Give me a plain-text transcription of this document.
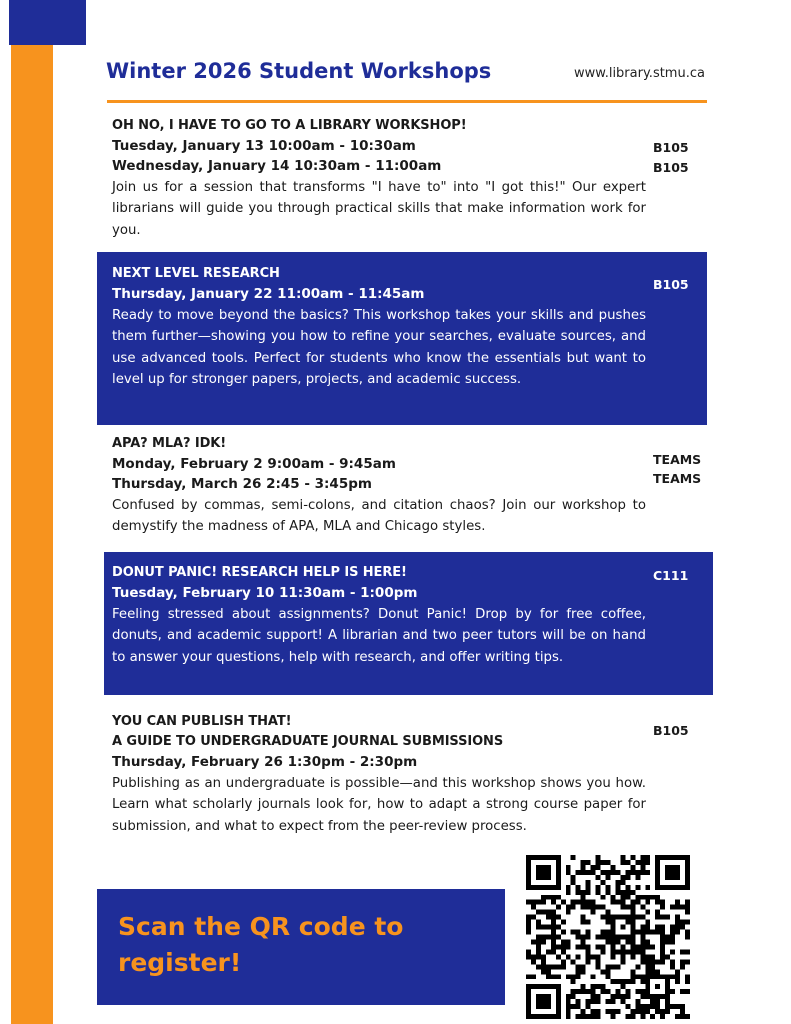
Winter 2026 Student Workshops	www.library.stmu.ca
OH NO, I HAVE TO GO TO A LIBRARY WORKSHOP!
Tuesday, January 13 10:00am - 10:30am
Wednesday, January 14 10:30am - 11:00am
Join us for a session that transforms "I have to" into "I got this!" Our expert librarians will guide you through practical skills that make information work for you.
B105
B105
NEXT LEVEL RESEARCH
Thursday, January 22 11:00am - 11:45am
Ready to move beyond the basics? This workshop takes your skills and pushes them further—showing you how to refine your searches, evaluate sources, and use advanced tools. Perfect for students who know the essentials but want to level up for stronger papers, projects, and academic success.
B105
APA? MLA? IDK!
Monday, February 2 9:00am - 9:45am
Thursday, March 26 2:45 - 3:45pm
Confused by commas, semi-colons, and citation chaos? Join our workshop to demystify the madness of APA, MLA and Chicago styles.
TEAMS
TEAMS
DONUT PANIC! RESEARCH HELP IS HERE!
Tuesday, February 10 11:30am - 1:00pm
Feeling stressed about assignments? Donut Panic! Drop by for free coffee, donuts, and academic support! A librarian and two peer tutors will be on hand to answer your questions, help with research, and offer writing tips.
C111
YOU CAN PUBLISH THAT!
A GUIDE TO UNDERGRADUATE JOURNAL SUBMISSIONS
Thursday, February 26 1:30pm - 2:30pm
Publishing as an undergraduate is possible—and this workshop shows you how. Learn what scholarly journals look for, how to adapt a strong course paper for submission, and what to expect from the peer-review process.
B105
Scan the QR code to register!
